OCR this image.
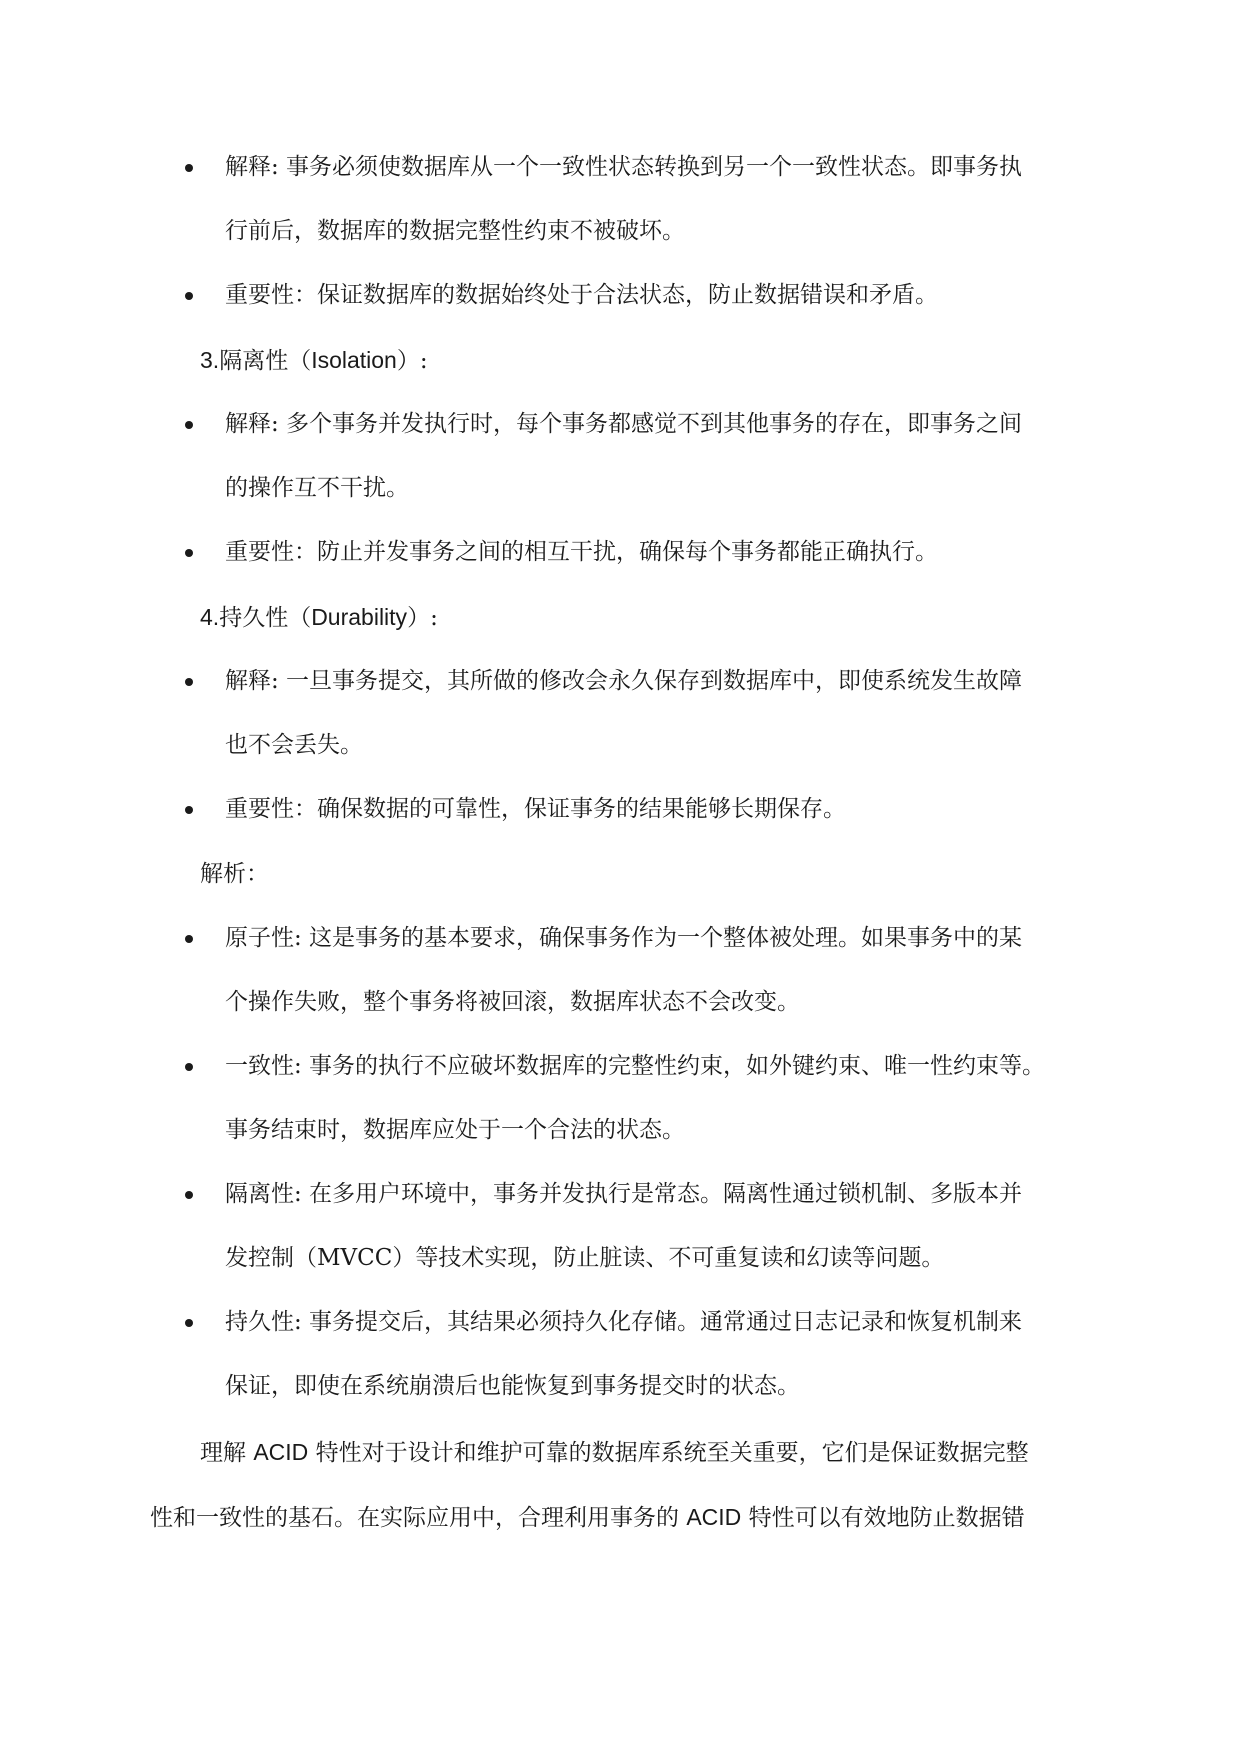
解释: 事务必须使数据库从一个一致性状态转换到另一个一致性状态。即事务执
行前后，数据库的数据完整性约束不被破坏。
重要性：保证数据库的数据始终处于合法状态，防止数据错误和矛盾。
3.隔离性（Isolation）:
解释: 多个事务并发执行时，每个事务都感觉不到其他事务的存在，即事务之间
的操作互不干扰。
重要性：防止并发事务之间的相互干扰，确保每个事务都能正确执行。
4.持久性（Durability）:
解释: 一旦事务提交，其所做的修改会永久保存到数据库中，即使系统发生故障
也不会丢失。
重要性：确保数据的可靠性，保证事务的结果能够长期保存。
解析：
原子性: 这是事务的基本要求，确保事务作为一个整体被处理。如果事务中的某
个操作失败，整个事务将被回滚，数据库状态不会改变。
一致性: 事务的执行不应破坏数据库的完整性约束，如外键约束、唯一性约束等。
事务结束时，数据库应处于一个合法的状态。
隔离性: 在多用户环境中，事务并发执行是常态。隔离性通过锁机制、多版本并
发控制（MVCC）等技术实现，防止脏读、不可重复读和幻读等问题。
持久性: 事务提交后，其结果必须持久化存储。通常通过日志记录和恢复机制来
保证，即使在系统崩溃后也能恢复到事务提交时的状态。
理解 ACID 特性对于设计和维护可靠的数据库系统至关重要，它们是保证数据完整
性和一致性的基石。在实际应用中，合理利用事务的 ACID 特性可以有效地防止数据错
